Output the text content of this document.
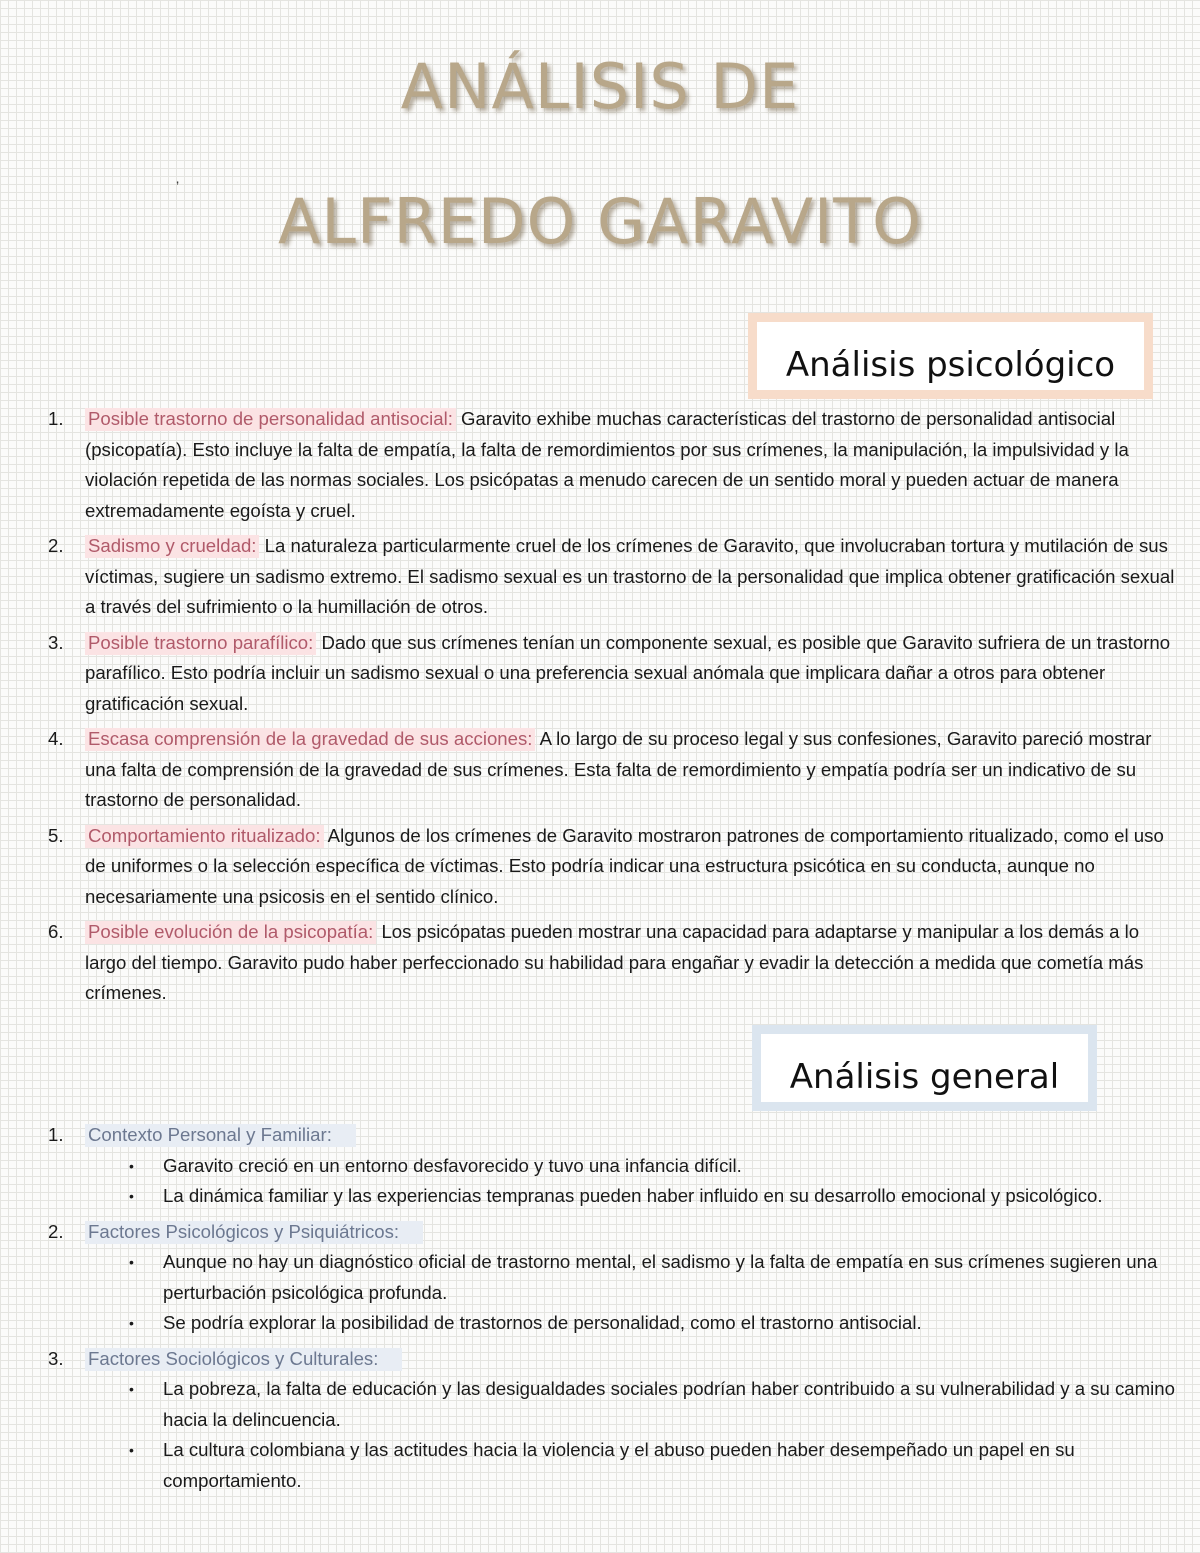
ANÁLISIS DE
’	ALFREDO GARAVITO
Análisis psicológico
1.	Posible trastorno de personalidad antisocial: Garavito exhibe muchas características del trastorno de personalidad antisocial (psicopatía). Esto incluye la falta de empatía, la falta de remordimientos por sus crímenes, la manipulación, la impulsividad y la violación repetida de las normas sociales. Los psicópatas a menudo carecen de un sentido moral y pueden actuar de manera extremadamente egoísta y cruel.
2.	Sadismo y crueldad: La naturaleza particularmente cruel de los crímenes de Garavito, que involucraban tortura y mutilación de sus víctimas, sugiere un sadismo extremo. El sadismo sexual es un trastorno de la personalidad que implica obtener gratificación sexual a través del sufrimiento o la humillación de otros.
3.	Posible trastorno parafílico: Dado que sus crímenes tenían un componente sexual, es posible que Garavito sufriera de un trastorno parafílico. Esto podría incluir un sadismo sexual o una preferencia sexual anómala que implicara dañar a otros para obtener gratificación sexual.
4.	Escasa comprensión de la gravedad de sus acciones: A lo largo de su proceso legal y sus confesiones, Garavito pareció mostrar una falta de comprensión de la gravedad de sus crímenes. Esta falta de remordimiento y empatía podría ser un indicativo de su trastorno de personalidad.
5.	Comportamiento ritualizado: Algunos de los crímenes de Garavito mostraron patrones de comportamiento ritualizado, como el uso de uniformes o la selección específica de víctimas. Esto podría indicar una estructura psicótica en su conducta, aunque no necesariamente una psicosis en el sentido clínico.
6.	Posible evolución de la psicopatía: Los psicópatas pueden mostrar una capacidad para adaptarse y manipular a los demás a lo largo del tiempo. Garavito pudo haber perfeccionado su habilidad para engañar y evadir la detección a medida que cometía más crímenes.
Análisis general
1.	Contexto Personal y Familiar:
• Garavito creció en un entorno desfavorecido y tuvo una infancia difícil.
• La dinámica familiar y las experiencias tempranas pueden haber influido en su desarrollo emocional y psicológico.
2.	Factores Psicológicos y Psiquiátricos:
• Aunque no hay un diagnóstico oficial de trastorno mental, el sadismo y la falta de empatía en sus crímenes sugieren una perturbación psicológica profunda.
• Se podría explorar la posibilidad de trastornos de personalidad, como el trastorno antisocial.
3.	Factores Sociológicos y Culturales:
• La pobreza, la falta de educación y las desigualdades sociales podrían haber contribuido a su vulnerabilidad y a su camino hacia la delincuencia.
• La cultura colombiana y las actitudes hacia la violencia y el abuso pueden haber desempeñado un papel en su comportamiento.
